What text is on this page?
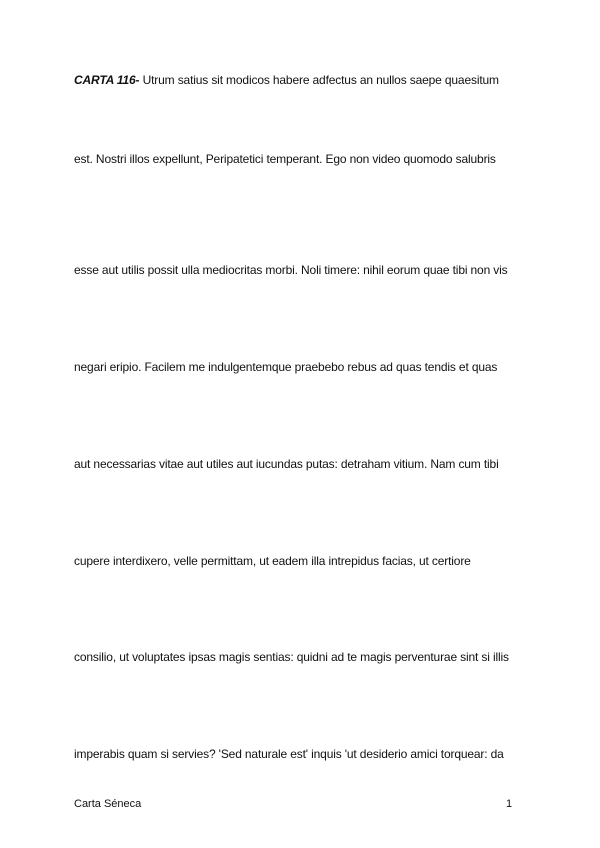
CARTA 116- Utrum satius sit modicos habere adfectus an nullos saepe quaesitum
est. Nostri illos expellunt, Peripatetici temperant. Ego non video quomodo salubris
esse aut utilis possit ulla mediocritas morbi. Noli timere: nihil eorum quae tibi non vis
negari eripio. Facilem me indulgentemque praebebo rebus ad quas tendis et quas
aut necessarias vitae aut utiles aut iucundas putas: detraham vitium. Nam cum tibi
cupere interdixero, velle permittam, ut eadem illa intrepidus facias, ut certiore
consilio, ut voluptates ipsas magis sentias: quidni ad te magis perventurae sint si illis
imperabis quam si servies? 'Sed naturale est' inquis 'ut desiderio amici torquear: da
Carta Séneca	1
